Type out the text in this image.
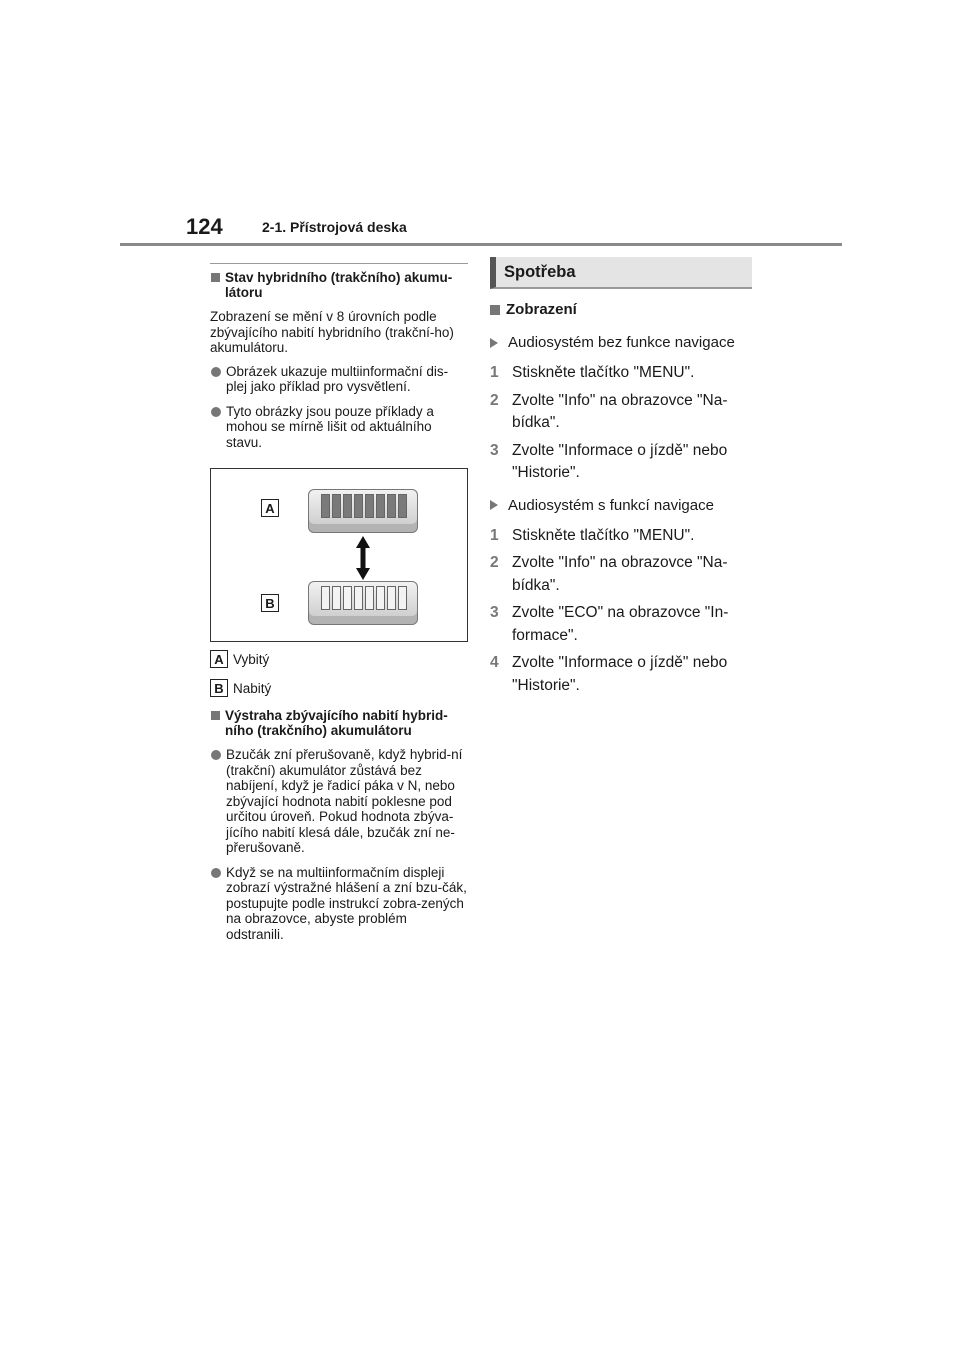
124	2-1. Přístrojová deska
Stav hybridního (trakčního) akumu-látoru
Zobrazení se mění v 8 úrovních podle zbývajícího nabití hybridního (trakční-ho) akumulátoru.
Obrázek ukazuje multiinformační dis-plej jako příklad pro vysvětlení.
Tyto obrázky jsou pouze příklady a mohou se mírně lišit od aktuálního stavu.
A
B
A Vybitý
B Nabitý
Výstraha zbývajícího nabití hybrid-ního (trakčního) akumulátoru
Bzučák zní přerušovaně, když hybrid-ní (trakční) akumulátor zůstává bez nabíjení, když je řadicí páka v N, nebo zbývající hodnota nabití poklesne pod určitou úroveň. Pokud hodnota zbýva-jícího nabití klesá dále, bzučák zní ne-přerušovaně.
Když se na multiinformačním displeji zobrazí výstražné hlášení a zní bzu-čák, postupujte podle instrukcí zobra-zených na obrazovce, abyste problém odstranili.
Spotřeba
Zobrazení
Audiosystém bez funkce navigace
1 Stiskněte tlačítko "MENU".
2 Zvolte "Info" na obrazovce "Na-bídka".
3 Zvolte "Informace o jízdě" nebo "Historie".
Audiosystém s funkcí navigace
1 Stiskněte tlačítko "MENU".
2 Zvolte "Info" na obrazovce "Na-bídka".
3 Zvolte "ECO" na obrazovce "In-formace".
4 Zvolte "Informace o jízdě" nebo "Historie".
